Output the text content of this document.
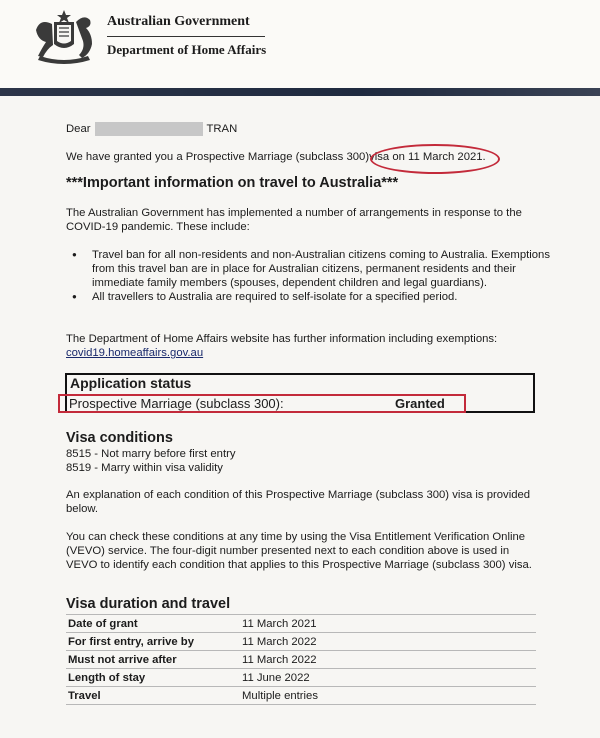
Australian Government
Department of Home Affairs
Dear	TRAN
We have granted you a Prospective Marriage (subclass 300)visa on 11 March 2021.
***Important information on travel to Australia***
The Australian Government has implemented a number of arrangements in response to the COVID-19 pandemic. These include:
● Travel ban for all non-residents and non-Australian citizens coming to Australia. Exemptions from this travel ban are in place for Australian citizens, permanent residents and their immediate family members (spouses, dependent children and legal guardians).
● All travellers to Australia are required to self-isolate for a specified period.
The Department of Home Affairs website has further information including exemptions:
covid19.homeaffairs.gov.au
Application status
Prospective Marriage (subclass 300):	Granted
Visa conditions
8515 - Not marry before first entry
8519 - Marry within visa validity
An explanation of each condition of this Prospective Marriage (subclass 300) visa is provided below.
You can check these conditions at any time by using the Visa Entitlement Verification Online (VEVO) service. The four-digit number presented next to each condition above is used in VEVO to identify each condition that applies to this Prospective Marriage (subclass 300) visa.
Visa duration and travel
Date of grant	11 March 2021
For first entry, arrive by	11 March 2022
Must not arrive after	11 March 2022
Length of stay	11 June 2022
Travel	Multiple entries
